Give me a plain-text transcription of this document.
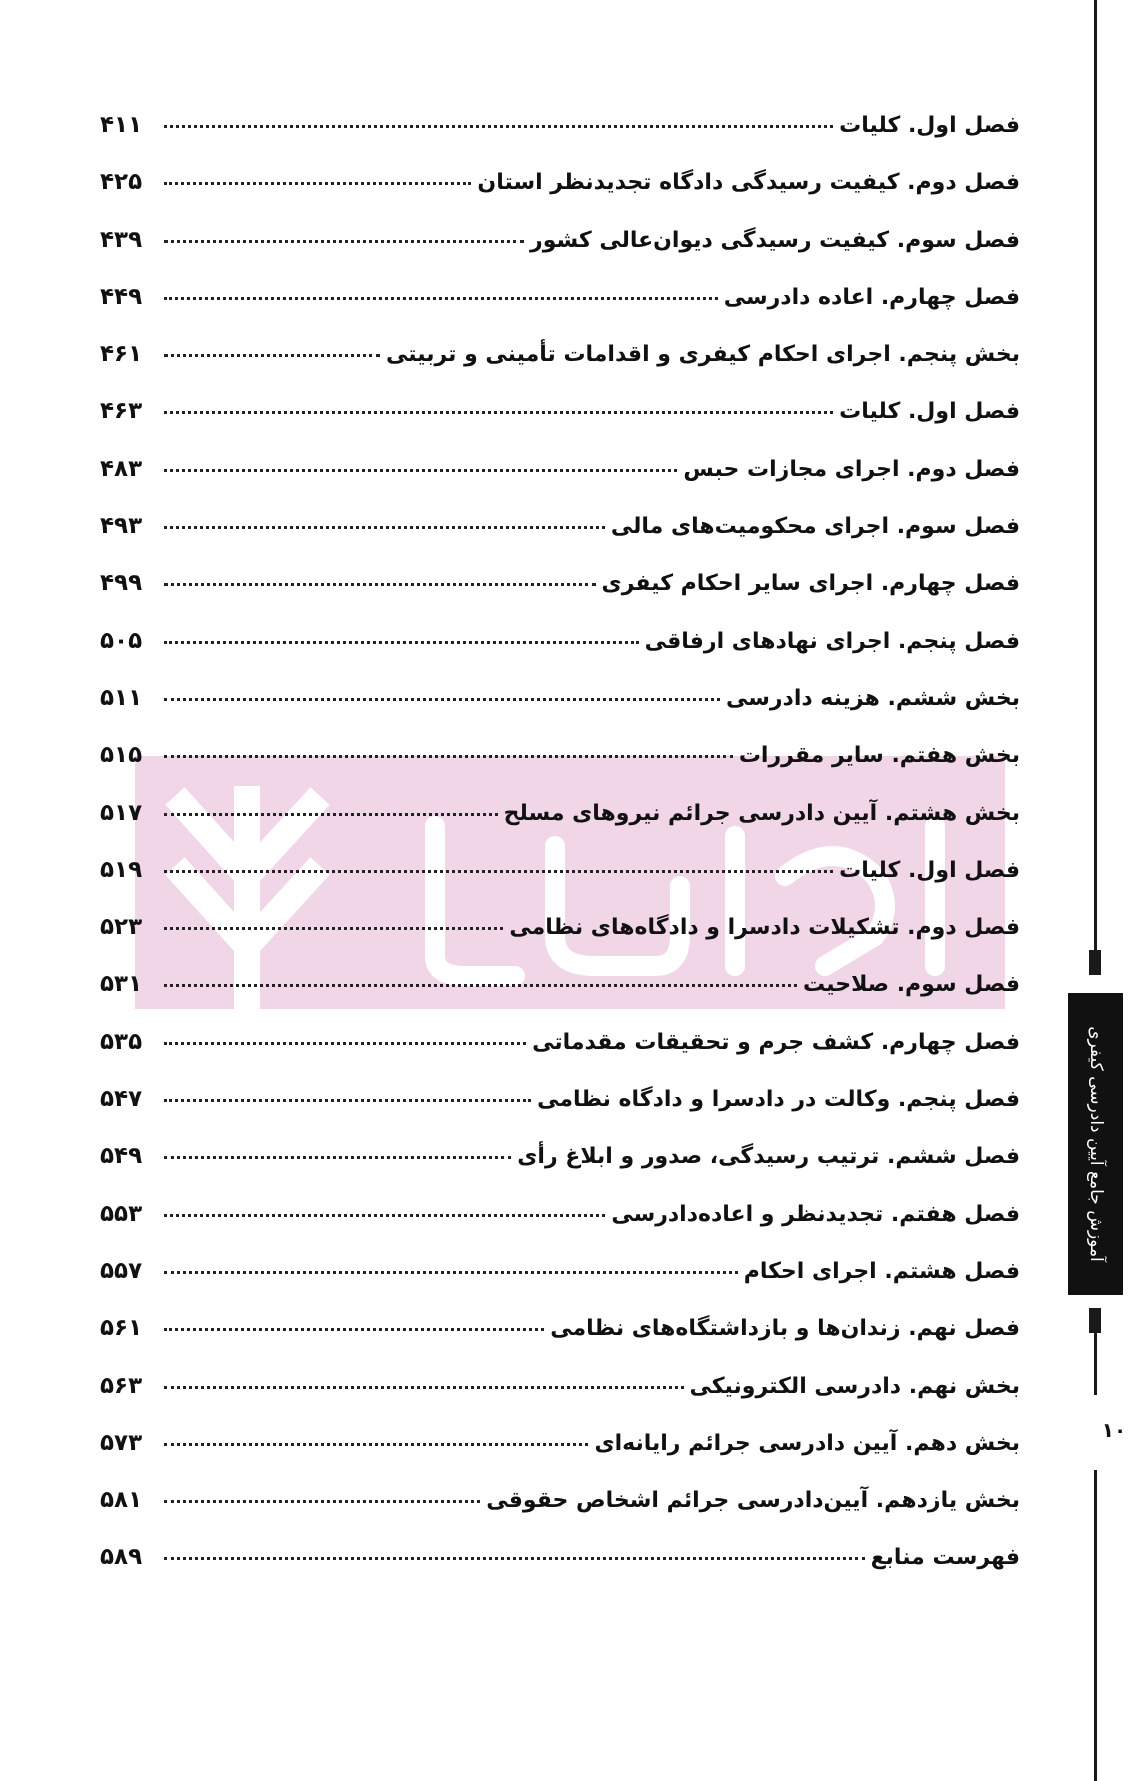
فصل اول. کلیات
۴۱۱
فصل دوم. کیفیت رسیدگی دادگاه تجدیدنظر استان
۴۲۵
فصل سوم. کیفیت رسیدگی دیوان‌عالی کشور
۴۳۹
فصل چهارم. اعاده دادرسی
۴۴۹
بخش پنجم. اجرای احکام کیفری و اقدامات تأمینی و تربیتی
۴۶۱
فصل اول. کلیات
۴۶۳
فصل دوم. اجرای مجازات حبس
۴۸۳
فصل سوم. اجرای محکومیت‌های مالی
۴۹۳
فصل چهارم. اجرای سایر احکام کیفری
۴۹۹
فصل پنجم. اجرای نهادهای ارفاقی
۵۰۵
بخش ششم. هزینه دادرسی
۵۱۱
بخش هفتم. سایر مقررات
۵۱۵
بخش هشتم. آیین دادرسی جرائم نیروهای مسلح
۵۱۷
فصل اول. کلیات
۵۱۹
فصل دوم. تشکیلات دادسرا و دادگاه‌های نظامی
۵۲۳
فصل سوم. صلاحیت
۵۳۱
فصل چهارم. کشف جرم و تحقیقات مقدماتی
۵۳۵
فصل پنجم. وکالت در دادسرا و دادگاه نظامی
۵۴۷
فصل ششم. ترتیب رسیدگی، صدور و ابلاغ رأی
۵۴۹
فصل هفتم. تجدیدنظر و اعاده‌دادرسی
۵۵۳
فصل هشتم. اجرای احکام
۵۵۷
فصل نهم. زندان‌ها و بازداشتگاه‌های نظامی
۵۶۱
بخش نهم. دادرسی الکترونیکی
۵۶۳
بخش دهم. آیین دادرسی جرائم رایانه‌ای
۵۷۳
بخش یازدهم. آیین‌دادرسی جرائم اشخاص حقوقی
۵۸۱
فهرست منابع
۵۸۹
آموزش جامع آیین دادرسی کیفری
۱۰
